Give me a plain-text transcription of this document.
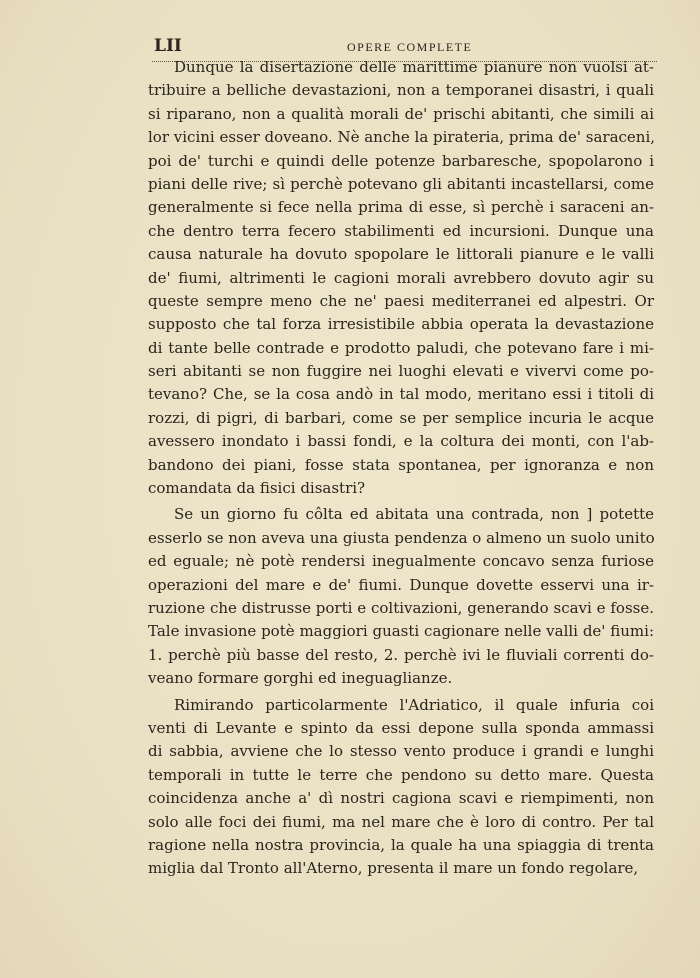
LII	OPERE COMPLETE
Dunque la disertazione delle marittime pianure non vuolsi at-
tribuire a belliche devastazioni, non a temporanei disastri, i quali
si riparano, non a qualità morali de' prischi abitanti, che simili ai
lor vicini esser doveano. Nè anche la pirateria, prima de' saraceni,
poi de' turchi e quindi delle potenze barbaresche, spopolarono i
piani delle rive; sì perchè potevano gli abitanti incastellarsi, come
generalmente si fece nella prima di esse, sì perchè i saraceni an-
che dentro terra fecero stabilimenti ed incursioni. Dunque una
causa naturale ha dovuto spopolare le littorali pianure e le valli
de' fiumi, altrimenti le cagioni morali avrebbero dovuto agir su
queste sempre meno che ne' paesi mediterranei ed alpestri. Or
supposto che tal forza irresistibile abbia operata la devastazione
di tante belle contrade e prodotto paludi, che potevano fare i mi-
seri abitanti se non fuggire nei luoghi elevati e vivervi come po-
tevano? Che, se la cosa andò in tal modo, meritano essi i titoli di
rozzi, di pigri, di barbari, come se per semplice incuria le acque
avessero inondato i bassi fondi, e la coltura dei monti, con l'ab-
bandono dei piani, fosse stata spontanea, per ignoranza e non
comandata da fisici disastri?
Se un giorno fu côlta ed abitata una contrada, non ] potette
esserlo se non aveva una giusta pendenza o almeno un suolo unito
ed eguale; nè potè rendersi inegualmente concavo senza furiose
operazioni del mare e de' fiumi. Dunque dovette esservi una ir-
ruzione che distrusse porti e coltivazioni, generando scavi e fosse.
Tale invasione potè maggiori guasti cagionare nelle valli de' fiumi:
1. perchè più basse del resto, 2. perchè ivi le fluviali correnti do-
veano formare gorghi ed ineguaglianze.
Rimirando particolarmente l'Adriatico, il quale infuria coi
venti di Levante e spinto da essi depone sulla sponda ammassi
di sabbia, avviene che lo stesso vento produce i grandi e lunghi
temporali in tutte le terre che pendono su detto mare. Questa
coincidenza anche a' dì nostri cagiona scavi e riempimenti, non
solo alle foci dei fiumi, ma nel mare che è loro di contro. Per tal
ragione nella nostra provincia, la quale ha una spiaggia di trenta
miglia dal Tronto all'Aterno, presenta il mare un fondo regolare,
